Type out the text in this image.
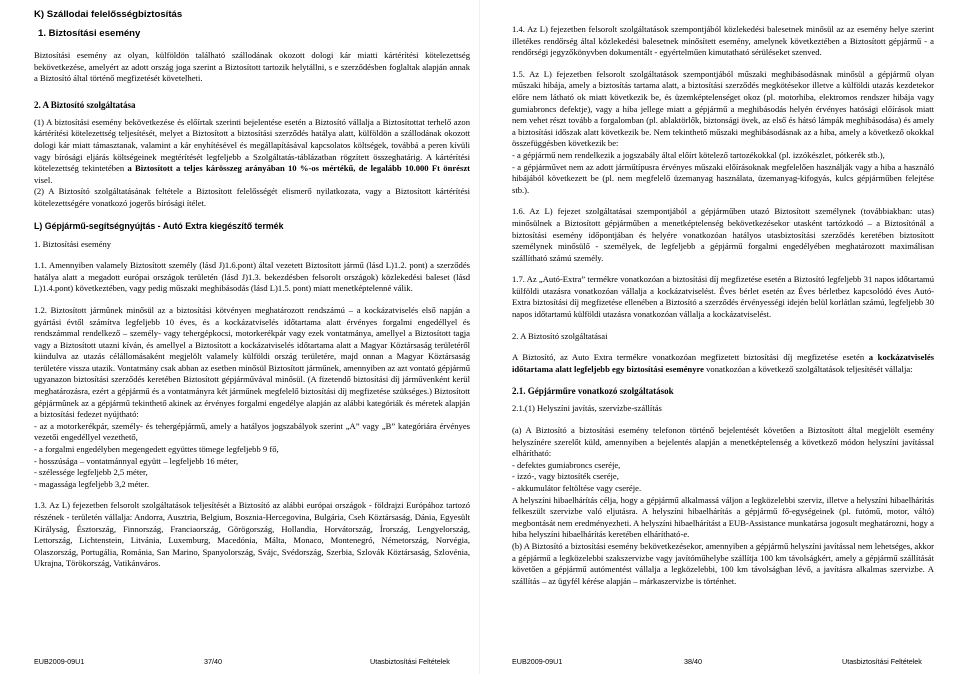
K) Szállodai felelősségbiztosítás

1. Biztosítási esemény

Biztosítási esemény az olyan, külföldön található szállodának okozott dologi kár miatti kártérítési kötelezettség bekövetkezése, amelyért az adott ország joga szerint a Biztosított tartozik helytállni, s e szerződésben foglaltak alapján annak a Biztosító által történő megfizetését követelheti.

2. A Biztosító szolgáltatása

(1) A biztosítási esemény bekövetkezése és előírtak szerinti bejelentése esetén a Biztosító vállalja a Biztosítottat terhelő azon kártérítési kötelezettség teljesítését, melyet a Biztosított a biztosítási szerződés hatálya alatt, külföldön a szállodának okozott dologi kár miatt támasztanak, valamint a kár enyhítésével és megállapításával kapcsolatos költségek, továbbá a peren kívüli vagy bírósági eljárás költségeinek megtérítését legfeljebb a Szolgáltatás-táblázatban rögzített összeghatárig. A kártérítési kötelezettség tekintetében a Biztosított a teljes kárösszeg arányában 10 %-os mértékű, de legalább 10.000 Ft önrészt visel.

(2) A Biztosító szolgáltatásának feltétele a Biztosított felelősségét elismerő nyilatkozata, vagy a Biztosított kártérítési kötelezettségére vonatkozó jogerős bírósági ítélet.

L) Gépjármű-segítségnyújtás - Autó Extra kiegészítő termék

1. Biztosítási esemény

1.1. Amennyiben valamely Biztosított személy (lásd J)1.6.pont) által vezetett Biztosított jármű (lásd L)1.2. pont) a szerződés hatálya alatt a megadott európai országok területén (lásd J)1.3. bekezdésben felsorolt országok) közlekedési baleset (lásd L)1.4.pont) következtében, vagy pedig műszaki meghibásodás (lásd L)1.5. pont) miatt menetképtelenné válik.

1.2. Biztosított jármûnek minősül az a biztosítási kötvényen meghatározott rendszámú – a kockázatviselés első napján a gyártási évtől számítva legfeljebb 10 éves, és a kockázatviselés időtartama alatt érvényes forgalmi engedéllyel és rendszámmal rendelkező – személy- vagy tehergépkocsi, motorkerékpár vagy ezek vontatmánya, amellyel a Biztosított tagja vagy a Biztosított utazni kíván, és amellyel a Biztosított a kockázatviselés időtartama alatt a Magyar Köztársaság területéről kiindulva az utazás célállomásaként megjelölt valamely külföldi ország területére, majd onnan a Magyar Köztársaság területére vissza utazik. Vontatmány csak abban az esetben minősül Biztosított járműnek, amennyiben az azt vontató gépjármű ugyanazon biztosítási szerződés keretében Biztosított gépjárművával minősül. (A fizetendő biztosítási díj járművenként kerül meghatározásra, ezért a gépjármű és a vontatmányra két járműnek megfelelő biztosítási díj megfizetése szükséges.) Biztosított gépjármûnek az a gépjármű tekinthető akinek az érvényes forgalmi engedélye alapján az alábbi kategóriák és méretek alapján a biztosítási fedezet nyújtható:

- az a motorkerékpár, személy- és tehergépjármű, amely a hatályos jogszabályok szerint „A” vagy „B” kategóriára érvényes vezetői engedéllyel vezethető,

- a forgalmi engedélyben megengedett együttes tömege legfeljebb 9 fő,

- hosszúsága – vontatmánnyal együtt – legfeljebb 16 méter,

- szélessége legfeljebb 2,5 méter,

- magassága legfeljebb 3,2 méter.

1.3. Az L) fejezetben felsorolt szolgáltatások teljesítését a Biztosító az alábbi európai országok - földrajzi Európához tartozó részének - területén vállalja: Andorra, Ausztria, Belgium, Bosznia-Hercegovina, Bulgária, Cseh Köztársaság, Dánia, Egyesült Királyság, Észtország, Finnország, Franciaország, Görögország, Hollandia, Horvátország, Írország, Lengyelország, Lettország, Lichtenstein, Litvánia, Luxemburg, Macedónia, Málta, Monaco, Montenegró, Németország, Norvégia, Olaszország, Portugália, Románia, San Marino, Spanyolország, Svájc, Svédország, Szerbia, Szlovák Köztársaság, Szlovénia, Ukrajna, Törökország, Vatikánváros.

EUB2009-09U1	37/40	Utasbiztosítási Feltételek

1.4. Az L) fejezetben felsorolt szolgáltatások szempontjából közlekedési balesetnek minősül az az esemény helye szerint illetékes rendőrség által közlekedési balesetnek minősített esemény, amelynek következtében a Biztosított gépjármű - a rendőrségi jegyzőkönyvben dokumentált - egyértelműen kimutatható sérüléseket szenved.

1.5. Az L) fejezetben felsorolt szolgáltatások szempontjából műszaki meghibásodásnak minősül a gépjármű olyan műszaki hibája, amely a biztosítás tartama alatt, a biztosítási szerződés megkötésekor illetve a külföldi utazás kezdetekor előre nem látható ok miatt következik be, és üzemképtelenséget okoz (pl. motorhiba, elektromos rendszer hibája vagy gumiabroncs defektje), vagy a hiba jellege miatt a gépjármű a meghibásodás helyén érvényes hatósági előírások miatt nem vehet részt tovább a forgalomban (pl. ablaktörlők, biztonsági övek, az első és hátsó lámpák meghibásodása) és amely a biztosítási időszak alatt következik be. Nem tekinthető műszaki meghibásodásnak az a hiba, amely a következő okokkal összefüggésben következik be:

- a gépjármű nem rendelkezik a jogszabály által előírt kötelező tartozékokkal (pl. izzókészlet, pótkerék stb.),

- a gépjárművet nem az adott járműtípusra érvényes műszaki előírásoknak megfelelően használják vagy a hiba a használó hibájából következett be (pl. nem megfelelő üzemanyag használata, üzemanyag-kifogyás, kulcs gépjárműben felejtése stb.).

1.6. Az L) fejezet szolgáltatásai szempontjából a gépjárműben utazó Biztosított személynek (továbbiakban: utas) minősülnek a Biztosított gépjárműben a menetképtelenség bekövetkezésekor utasként tartózkodó – a Biztosítónál a biztosítási esemény időpontjában és helyére vonatkozóan hatályos utasbiztosítási szerződés keretében biztosított személynek minősülő - személyek, de legfeljebb a gépjármű forgalmi engedélyében meghatározott maximálisan szállítható számú személy.

1.7. Az „Autó-Extra” termékre vonatkozóan a biztosítási díj megfizetése esetén a Biztosító legfeljebb 31 napos időtartamú külföldi utazásra vonatkozóan vállalja a kockázatviselést. Éves bérlet esetén az Éves bérletbez kapcsolódó éves Autó-Extra biztosítási díj megfizetése ellenében a Biztosító a szerződés érvényességi idején belül korlátlan számú, legfeljebb 30 napos időtartamú külföldi utazásra vonatkozóan vállalja a kockázatviselést.

2. A Biztosító szolgáltatásai

A Biztosító, az Auto Extra termékre vonatkozóan megfizetett biztosítási díj megfizetése esetén a kockázatviselés időtartama alatt legfeljebb egy biztosítási eseményre vonatkozóan a következő szolgáltatások teljesítését vállalja:

2.1. Gépjárműre vonatkozó szolgáltatások

2.1.(1) Helyszíni javítás, szervízbe-szállítás

(a) A Biztosító a biztosítási esemény telefonon történő bejelentését követően a Biztosított által megjelölt esemény helyszínére szerelőt küld, amennyiben a bejelentés alapján a menetképtelenség a következő módon helyszíni javítással elhárítható:

- defektes gumiabroncs cseréje,

- izzó-, vagy biztosíték cseréje,

- akkumulátor feltöltése vagy cseréje.

A helyszíni hibaelhárítás célja, hogy a gépjármű alkalmassá váljon a legközelebbi szerviz, illetve a helyszíni hibaelhárítás felkeszült szervizbe való eljutásra. A helyszíni hibaelhárítás a gépjármű fő-egységeinek (pl. futómű, motor, váltó) megbontását nem eredményezheti. A helyszíni hibaelhárítást a EUB-Assistance munkatársa jogosult meghatározni, hogy a hiba helyszíni hibaelhárítás keretében elhárítható-e.

(b) A Biztosító a biztosítási esemény bekövetkezésekor, amennyiben a gépjármű helyszíni javítással nem lehetséges, akkor a gépjármű a legközelebbi szakszervizbe vagy javítóműhelybe szállítja 100 km távolságkért, amely a gépjármű szállítását követően a gépjármű autómentést vállalja a legközelebbi, 100 km távolságban lévő, a javításra alkalmas szervizbe. A szállítás – az ügyfél kérése alapján – márkaszervizbe is történhet.

EUB2009-09U1	38/40	Utasbiztosítási Feltételek
